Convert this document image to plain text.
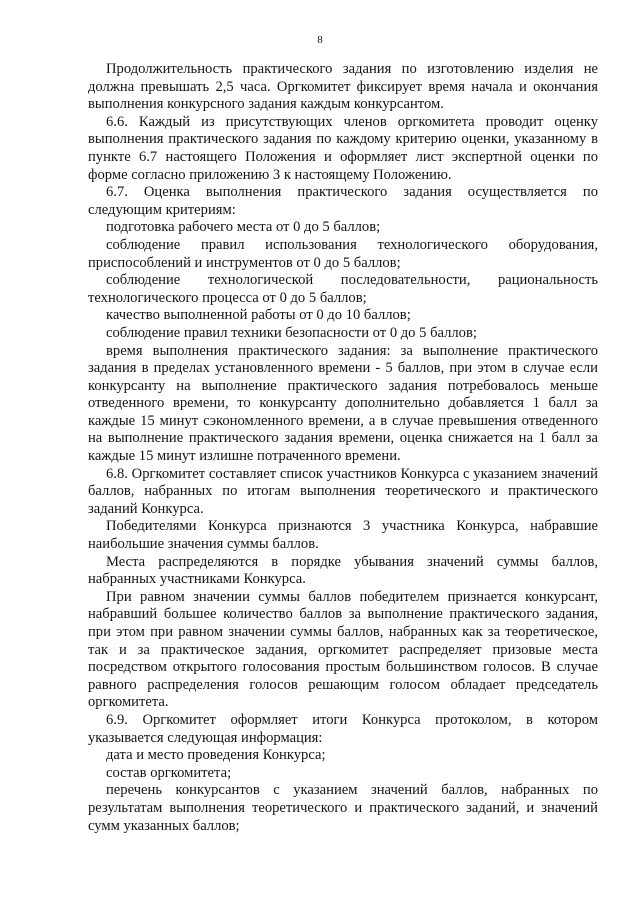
8

Продолжительность практического задания по изготовлению изделия не должна превышать 2,5 часа. Оргкомитет фиксирует время начала и окончания выполнения конкурсного задания каждым конкурсантом.

6.6. Каждый из присутствующих членов оргкомитета проводит оценку выполнения практического задания по каждому критерию оценки, указанному в пункте 6.7 настоящего Положения и оформляет лист экспертной оценки по форме согласно приложению 3 к настоящему Положению.

6.7. Оценка выполнения практического задания осуществляется по следующим критериям:

подготовка рабочего места от 0 до 5 баллов;

соблюдение правил использования технологического оборудования, приспособлений и инструментов от 0 до 5 баллов;

соблюдение технологической последовательности, рациональность технологического процесса от 0 до 5 баллов;

качество выполненной работы от 0 до 10 баллов;

соблюдение правил техники безопасности от 0 до 5 баллов;

время выполнения практического задания: за выполнение практического задания в пределах установленного времени - 5 баллов, при этом в случае если конкурсанту на выполнение практического задания потребовалось меньше отведенного времени, то конкурсанту дополнительно добавляется 1 балл за каждые 15 минут сэкономленного времени, а в случае превышения отведенного на выполнение практического задания времени, оценка снижается на 1 балл за каждые 15 минут излишне потраченного времени.

6.8. Оргкомитет составляет список участников Конкурса с указанием значений баллов, набранных по итогам выполнения теоретического и практического заданий Конкурса.

Победителями Конкурса признаются 3 участника Конкурса, набравшие наибольшие значения суммы баллов.

Места распределяются в порядке убывания значений суммы баллов, набранных участниками Конкурса.

При равном значении суммы баллов победителем признается конкурсант, набравший большее количество баллов за выполнение практического задания, при этом при равном значении суммы баллов, набранных как за теоретическое, так и за практическое задания, оргкомитет распределяет призовые места посредством открытого голосования простым большинством голосов. В случае равного распределения голосов решающим голосом обладает председатель оргкомитета.

6.9. Оргкомитет оформляет итоги Конкурса протоколом, в котором указывается следующая информация:

дата и место проведения Конкурса;

состав оргкомитета;

перечень конкурсантов с указанием значений баллов, набранных по результатам выполнения теоретического и практического заданий, и значений сумм указанных баллов;
